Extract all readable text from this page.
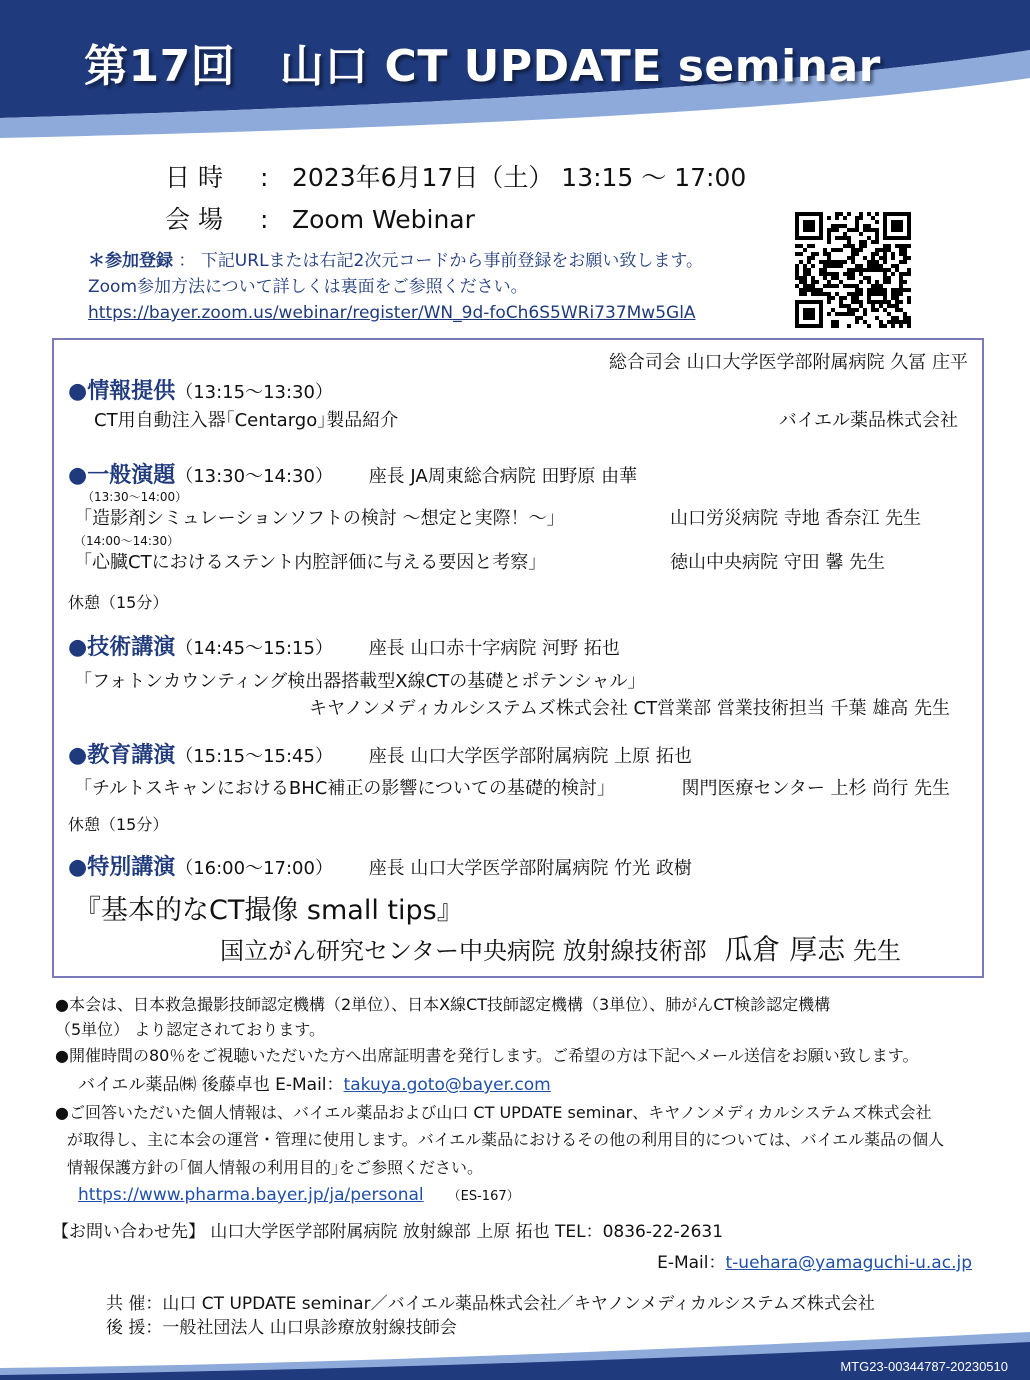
第17回　山口 CT UPDATE seminar
日 時 : 2023年6月17日（土） 13:15 ～ 17:00
会 場 : Zoom Webinar
＊参加登録 ： 下記URLまたは右記2次元コードから事前登録をお願い致します。
Zoom参加方法について詳しくは裏面をご参照ください。
https://bayer.zoom.us/webinar/register/WN_9d-foCh6S5WRi737Mw5GlA
総合司会 山口大学医学部附属病院 久冨 庄平
●情報提供（13:15～13:30）
CT用自動注入器｢Centargo｣製品紹介	バイエル薬品株式会社
●一般演題（13:30～14:30） 座長 JA周東総合病院 田野原 由華
（13:30～14:00）
「造影剤シミュレーションソフトの検討 ～想定と実際！～」	山口労災病院 寺地 香奈江 先生
（14:00～14:30）
「心臓CTにおけるステント内腔評価に与える要因と考察」	徳山中央病院 守田 馨 先生
休憩（15分）
●技術講演（14:45～15:15） 座長 山口赤十字病院 河野 拓也
「フォトンカウンティング検出器搭載型X線CTの基礎とポテンシャル」
キヤノンメディカルシステムズ株式会社 CT営業部 営業技術担当 千葉 雄高 先生
●教育講演（15:15～15:45） 座長 山口大学医学部附属病院 上原 拓也
「チルトスキャンにおけるBHC補正の影響についての基礎的検討」	関門医療センター 上杉 尚行 先生
休憩（15分）
●特別講演（16:00～17:00） 座長 山口大学医学部附属病院 竹光 政樹
『基本的なCT撮像 small tips』
国立がん研究センター中央病院 放射線技術部 瓜倉 厚志 先生
●本会は、日本救急撮影技師認定機構（2単位）、日本X線CT技師認定機構（3単位）、肺がんCT検診認定機構
（5単位） より認定されております。
●開催時間の80％をご視聴いただいた方へ出席証明書を発行します。ご希望の方は下記へメール送信をお願い致します。
バイエル薬品㈱ 後藤卓也 E-Mail：takuya.goto@bayer.com
●ご回答いただいた個人情報は、バイエル薬品および山口 CT UPDATE seminar、キヤノンメディカルシステムズ株式会社
が取得し、主に本会の運営・管理に使用します。バイエル薬品におけるその他の利用目的については、バイエル薬品の個人
情報保護方針の｢個人情報の利用目的｣をご参照ください。
https://www.pharma.bayer.jp/ja/personal （ES-167）
【お問い合わせ先】 山口大学医学部附属病院 放射線部 上原 拓也 TEL：0836-22-2631
E-Mail：t-uehara@yamaguchi-u.ac.jp
共 催：山口 CT UPDATE seminar／バイエル薬品株式会社／キヤノンメディカルシステムズ株式会社
後 援：一般社団法人 山口県診療放射線技師会
MTG23-00344787-20230510
